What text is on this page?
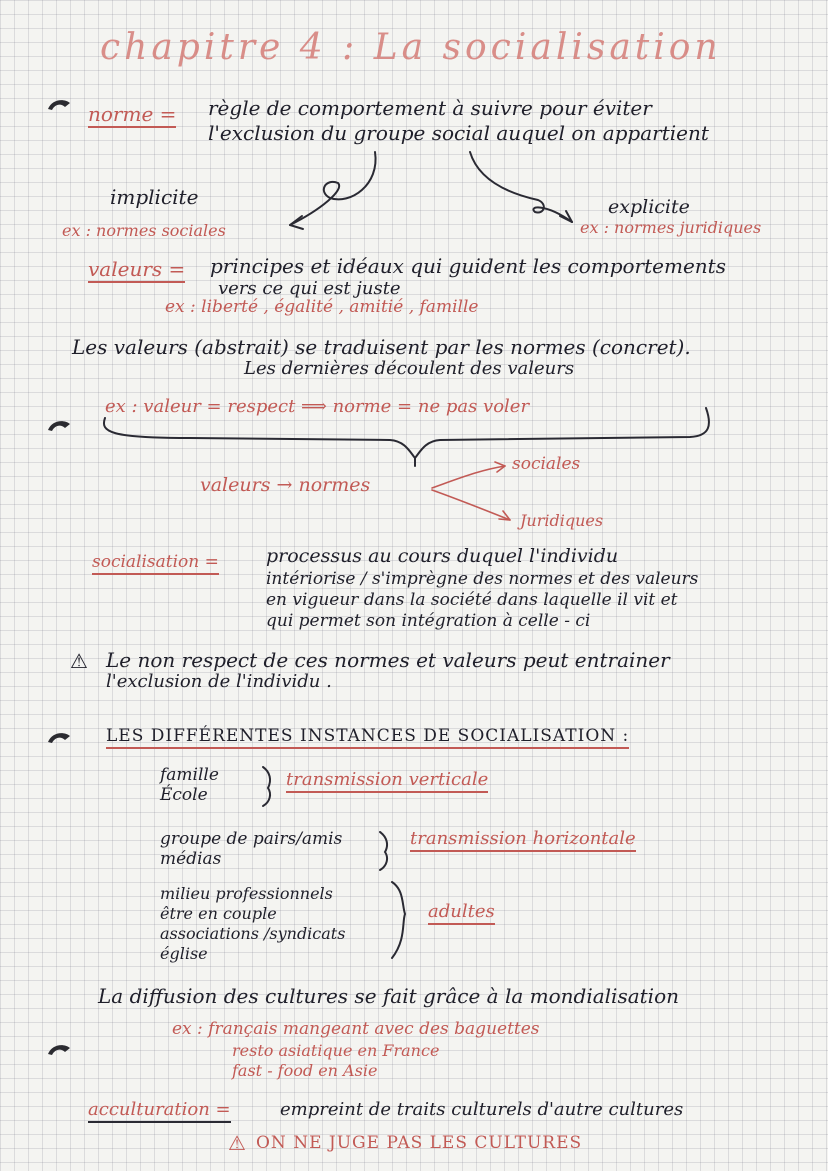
chapitre 4 : La socialisation
norme = règle de comportement à suivre pour éviter
l'exclusion du groupe social auquel on appartient
implicite
ex : normes sociales
explicite
ex : normes juridiques
valeurs = principes et idéaux qui guident les comportements
vers ce qui est juste
ex : liberté , égalité , amitié , famille
Les valeurs (abstrait) se traduisent par les normes (concret).
Les dernières découlent des valeurs
ex : valeur = respect ⟹ norme = ne pas voler
valeurs → normes
sociales
Juridiques
socialisation = processus au cours duquel l'individu
intériorise / s'imprègne des normes et des valeurs
en vigueur dans la société dans laquelle il vit et
qui permet son intégration à celle - ci
⚠ Le non respect de ces normes et valeurs peut entrainer
l'exclusion de l'individu .
LES DIFFÉRENTES INSTANCES DE SOCIALISATION :
famille
École
transmission verticale
groupe de pairs/amis
médias
transmission horizontale
milieu professionnels
être en couple
associations /syndicats
église
adultes
La diffusion des cultures se fait grâce à la mondialisation
ex : français mangeant avec des baguettes
resto asiatique en France
fast - food en Asie
acculturation =	empreint de traits culturels d'autre cultures
⚠ ON NE JUGE PAS LES CULTURES
